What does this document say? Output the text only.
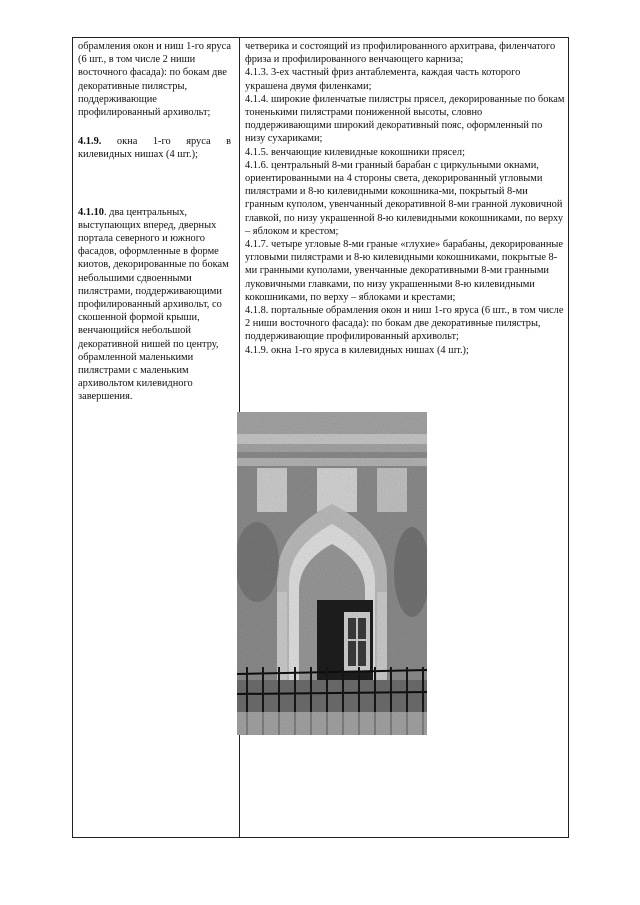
обрамления окон и ниш 1-го яруса (6 шт., в том числе 2 ниши восточного фасада): по бокам две декоративные пилястры, поддерживающие профилированный архивольт;

4.1.9. окна 1-го яруса в килевидных нишах (4 шт.);

4.1.10. два центральных, выступающих вперед, дверных портала северного и южного фасадов, оформленные в форме киотов, декорированные по бокам небольшими сдвоенными пилястрами, поддерживающими профилированный архивольт, со скошенной формой крыши, венчающийся небольшой декоративной нишей по центру, обрамленной маленькими пилястрами с маленьким архивольтом килевидного завершения.

четверика и состоящий из профилированного архитрава, филенчатого фриза и профилированного венчающего карниза;

4.1.3. 3-ех частный фриз антаблемента, каждая часть которого украшена двумя филенками;

4.1.4. широкие филенчатые пилястры прясел, декорированные по бокам тоненькими пилястрами пониженной высоты, словно поддерживающими широкий декоративный пояс, оформленный по низу сухариками;

4.1.5. венчающие килевидные кокошники прясел;

4.1.6. центральный 8-ми гранный барабан с циркульными окнами, ориентированными на 4 стороны света, декорированный угловыми пилястрами и 8-ю килевидными кокошника-ми, покрытый 8-ми гранным куполом, увенчанный декоративной 8-ми гранной луковичной главкой, по низу украшенной 8-ю килевидными кокошниками, по верху – яблоком и крестом;

4.1.7. четыре угловые 8-ми граные «глухие» барабаны, декорированные угловыми пилястрами и 8-ю килевидными кокошниками, покрытые 8-ми гранными куполами, увенчанные декоративными 8-ми гранными луковичными главками, по низу украшенными 8-ю килевидными кокошниками, по верху – яблоками и крестами;

4.1.8. портальные обрамления окон и ниш 1-го яруса (6 шт., в том числе 2 ниши восточного фасада): по бокам две декоративные пилястры, поддерживающие профилированный архивольт;

4.1.9. окна 1-го яруса в килевидных нишах (4 шт.);
